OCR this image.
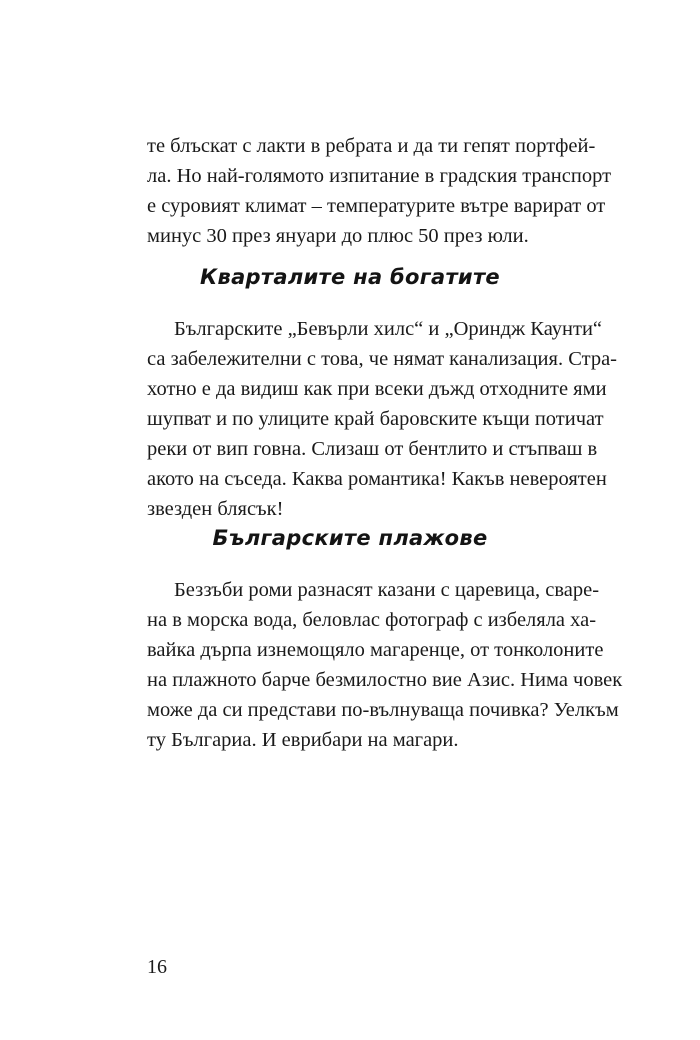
те блъскат с лакти в ребрата и да ти гепят портфей-
ла. Но най-голямото изпитание в градския транспорт
е суровият климат – температурите вътре варират от
минус 30 през януари до плюс 50 през юли.
Кварталите на богатите
Българските „Бевърли хилс“ и „Ориндж Каунти“
са забележителни с това, че нямат канализация. Стра-
хотно е да видиш как при всеки дъжд отходните ями
шупват и по улиците край баровските къщи потичат
реки от вип говна. Слизаш от бентлито и стъпваш в
акото на съседа. Каква романтика! Какъв невероятен
звезден блясък!
Българските плажове
Беззъби роми разнасят казани с царевица, сваре-
на в морска вода, беловлас фотограф с избеляла ха-
вайка дърпа изнемощяло магаренце, от тонколоните
на плажното барче безмилостно вие Азис. Нима човек
може да си представи по-вълнуваща почивка? Уелкъм
ту Българиа. И еврибари на магари.
16
